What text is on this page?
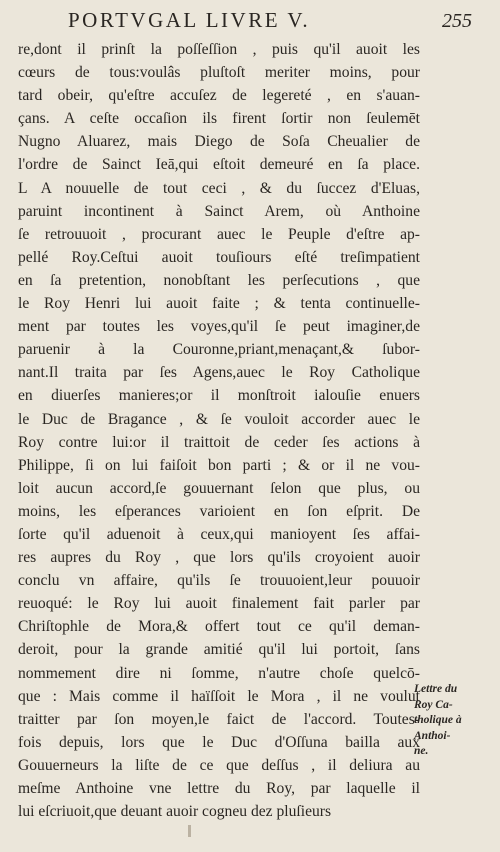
PORTVGAL LIVRE V.	255
re,dont il prinſt la poſſeſſion , puis qu'il auoit les
cœurs de tous:voulâs pluſtoſt meriter moins, pour
tard obeir, qu'eſtre accuſez de legereté , en s'auan-
çans. A ceſte occaſion ils firent ſortir non ſeulemēt
Nugno Aluarez, mais Diego de Soſa Cheualier de
l'ordre de Sainct Ieā,qui eſtoit demeuré en ſa place.
L A nouuelle de tout ceci , & du ſuccez d'Eluas,
paruint incontinent à Sainct Arem, où Anthoine
ſe retrouuoit , procurant auec le Peuple d'eſtre ap-
pellé Roy.Ceſtui auoit touſiours eſté treſimpatient
en ſa pretention, nonobſtant les perſecutions , que
le Roy Henri lui auoit faite ; & tenta continuelle-
ment par toutes les voyes,qu'il ſe peut imaginer,de
paruenir à la Couronne,priant,menaçant,& ſubor-
nant.Il traita par ſes Agens,auec le Roy Catholique
en diuerſes manieres;or il monſtroit ialouſie enuers
le Duc de Bragance , & ſe vouloit accorder auec le
Roy contre lui:or il traittoit de ceder ſes actions à
Philippe, ſi on lui faiſoit bon parti ; & or il ne vou-
loit aucun accord,ſe gouuernant ſelon que plus, ou
moins, les eſperances varioient en ſon eſprit. De
ſorte qu'il aduenoit à ceux,qui manioyent ſes affai-
res aupres du Roy , que lors qu'ils croyoient auoir
conclu vn affaire, qu'ils ſe trouuoient,leur pouuoir
reuoqué: le Roy lui auoit finalement fait parler par
Chriſtophle de Mora,& offert tout ce qu'il deman-
deroit, pour la grande amitié qu'il lui portoit, ſans
nommement dire ni ſomme, n'autre choſe quelcō-
que : Mais comme il haïſſoit le Mora , il ne voulut
traitter par ſon moyen,le faict de l'accord. Toutes-
fois depuis, lors que le Duc d'Oſſuna bailla aux
Gouuerneurs la liſte de ce que deſſus , il deliura au
meſme Anthoine vne lettre du Roy, par laquelle il
lui eſcriuoit,que deuant auoir cogneu dez pluſieurs
Lettre du
Roy Ca-
tholique à
Anthoi-
ne.
